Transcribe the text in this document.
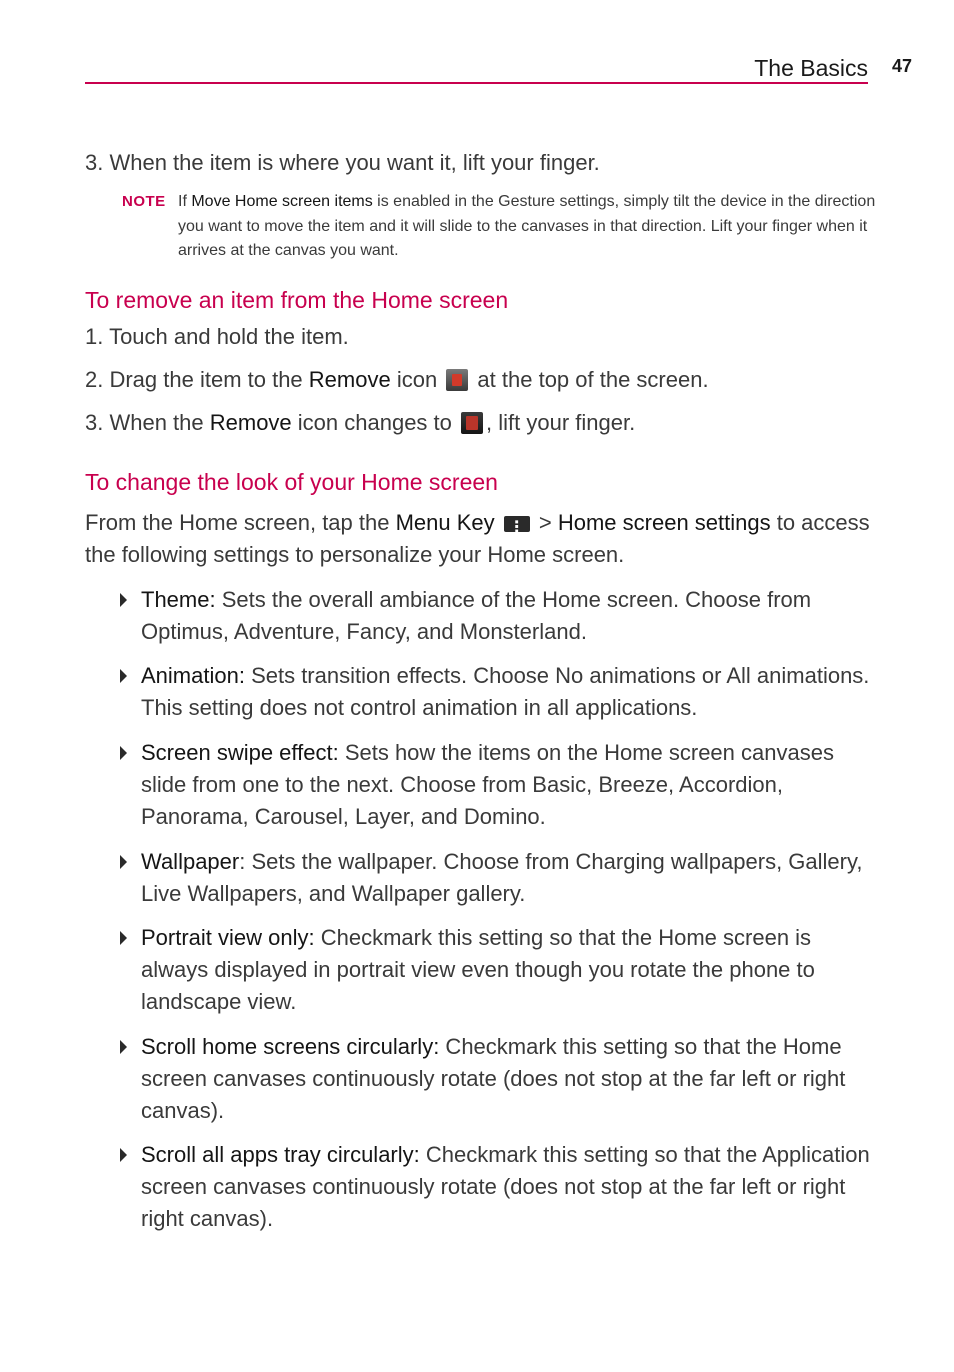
The Basics 47
3. When the item is where you want it, lift your finger.
NOTE If Move Home screen items is enabled in the Gesture settings, simply tilt the device in the direction you want to move the item and it will slide to the canvases in that direction. Lift your finger when it arrives at the canvas you want.
To remove an item from the Home screen
1. Touch and hold the item.
2. Drag the item to the Remove icon  at the top of the screen.
3. When the Remove icon changes to , lift your finger.
To change the look of your Home screen
From the Home screen, tap the Menu Key ⋮ > Home screen settings to access the following settings to personalize your Home screen.
Theme: Sets the overall ambiance of the Home screen. Choose from Optimus, Adventure, Fancy, and Monsterland.
Animation: Sets transition effects. Choose No animations or All animations. This setting does not control animation in all applications.
Screen swipe effect: Sets how the items on the Home screen canvases slide from one to the next. Choose from Basic, Breeze, Accordion, Panorama, Carousel, Layer, and Domino.
Wallpaper: Sets the wallpaper. Choose from Charging wallpapers, Gallery, Live Wallpapers, and Wallpaper gallery.
Portrait view only: Checkmark this setting so that the Home screen is always displayed in portrait view even though you rotate the phone to landscape view.
Scroll home screens circularly: Checkmark this setting so that the Home screen canvases continuously rotate (does not stop at the far left or right canvas).
Scroll all apps tray circularly: Checkmark this setting so that the Application screen canvases continuously rotate (does not stop at the far left or right right canvas).
